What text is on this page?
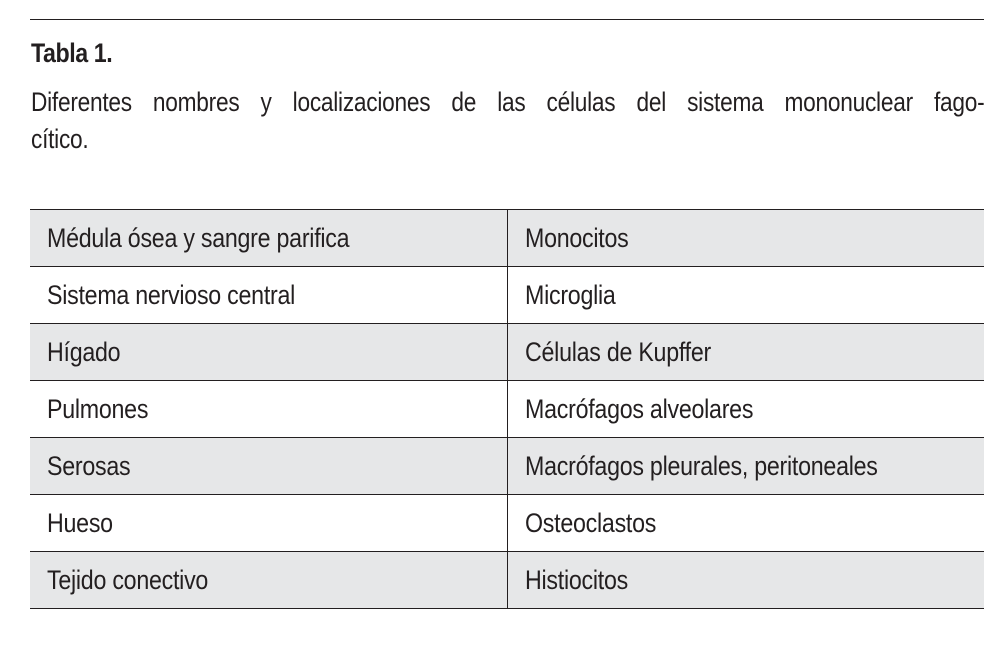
Tabla 1.
Diferentes nombres y localizaciones de las células del sistema mononuclear fago-
cítico.
Médula ósea y sangre parifica	Monocitos
Sistema nervioso central	Microglia
Hígado	Células de Kupffer
Pulmones	Macrófagos alveolares
Serosas	Macrófagos pleurales, peritoneales
Hueso	Osteoclastos
Tejido conectivo	Histiocitos
